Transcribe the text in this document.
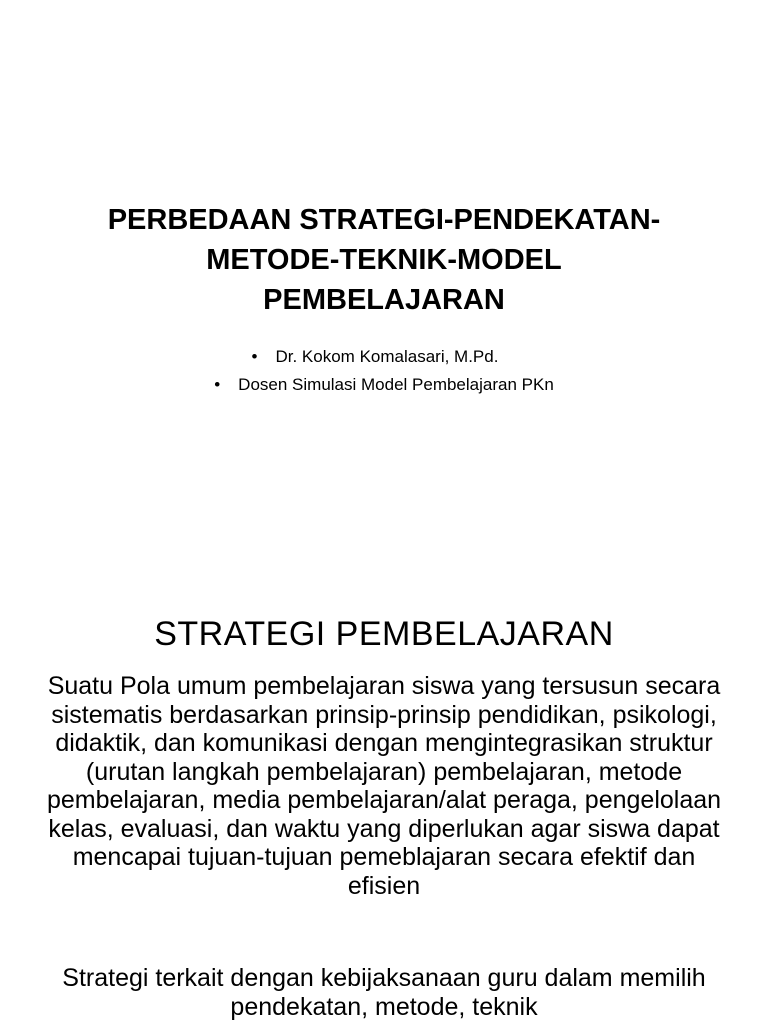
PERBEDAAN STRATEGI-PENDEKATAN-
METODE-TEKNIK-MODEL
PEMBELAJARAN
• Dr. Kokom Komalasari, M.Pd.
• Dosen Simulasi Model Pembelajaran PKn
STRATEGI PEMBELAJARAN

Suatu Pola umum pembelajaran siswa yang tersusun secara sistematis berdasarkan prinsip-prinsip pendidikan, psikologi, didaktik, dan komunikasi dengan mengintegrasikan struktur (urutan langkah pembelajaran) pembelajaran, metode pembelajaran, media pembelajaran/alat peraga, pengelolaan kelas, evaluasi, dan waktu yang diperlukan agar siswa dapat mencapai tujuan-tujuan pemeblajaran secara efektif dan efisien

Strategi terkait dengan kebijaksanaan guru dalam memilih pendekatan, metode, teknik
